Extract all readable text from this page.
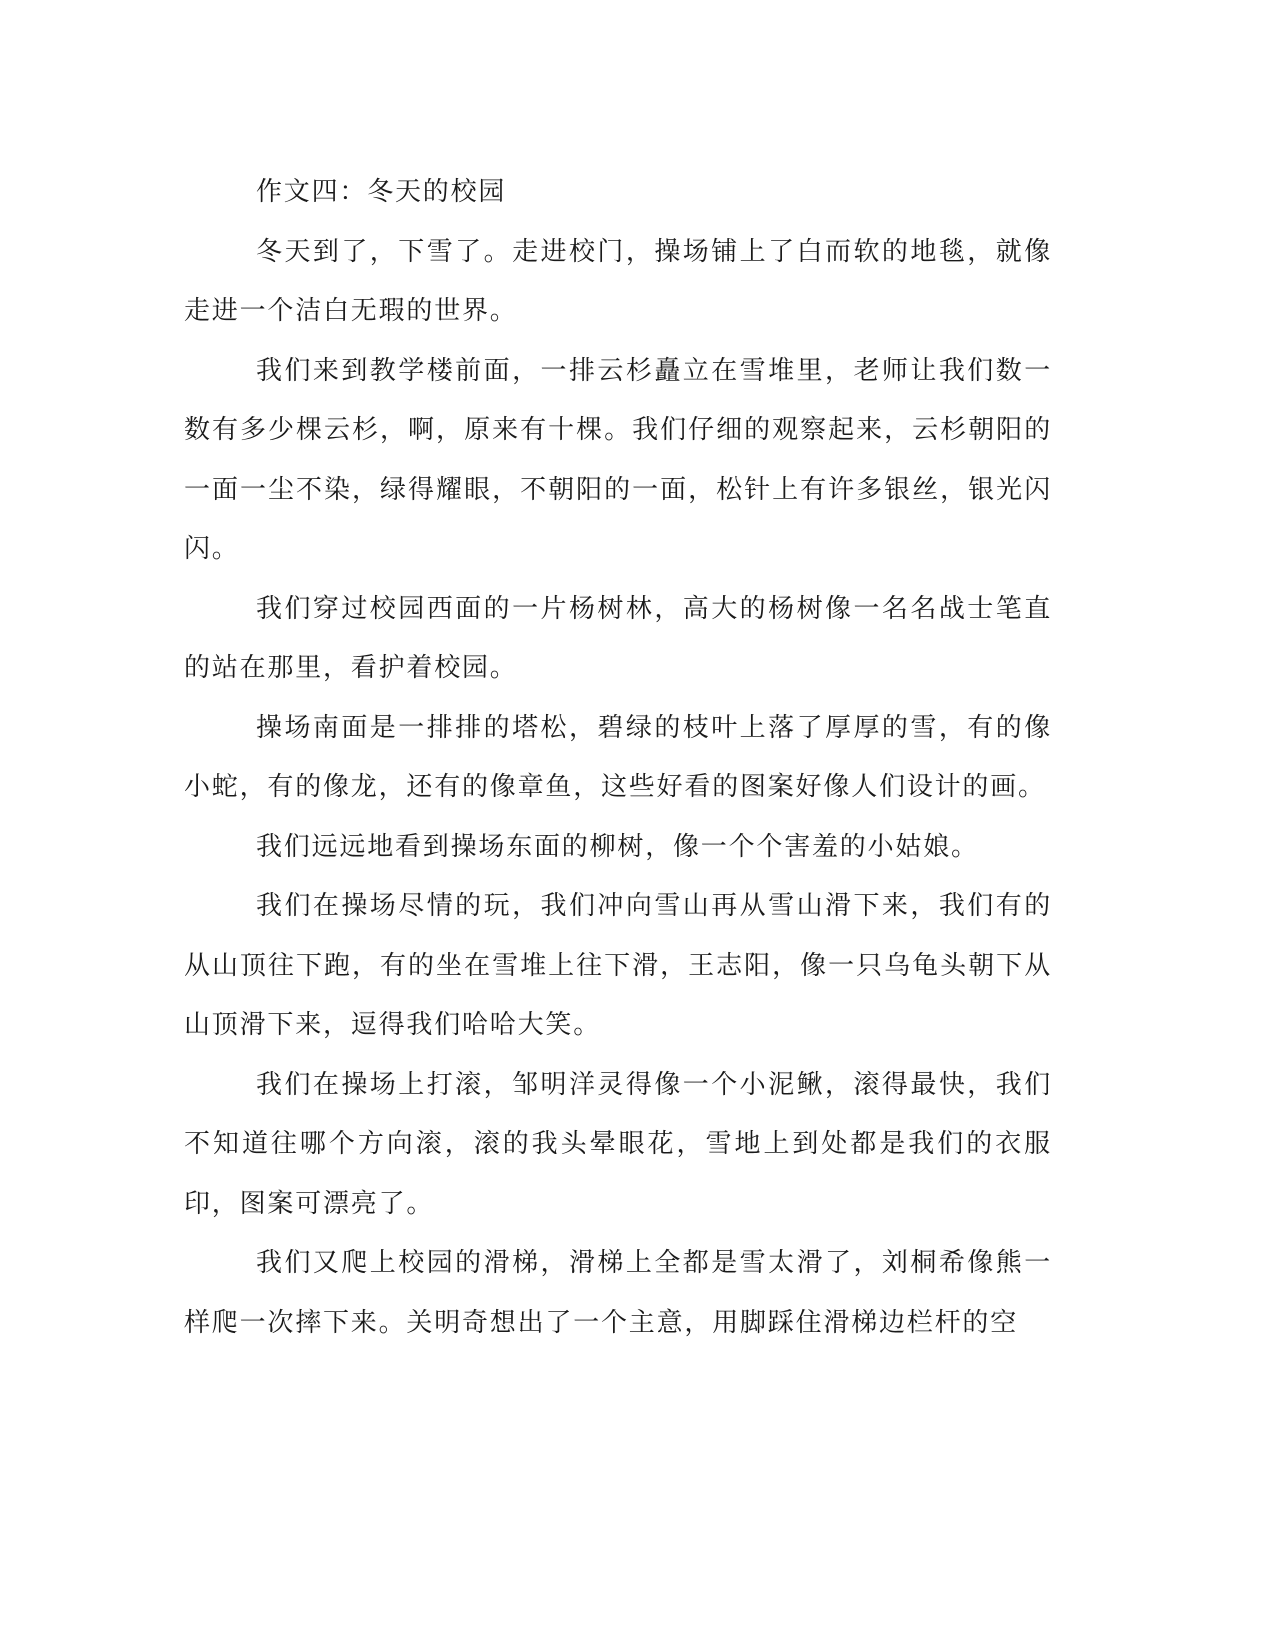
作文四：冬天的校园

冬天到了，下雪了。走进校门，操场铺上了白而软的地毯，就像走进一个洁白无瑕的世界。

我们来到教学楼前面，一排云杉矗立在雪堆里，老师让我们数一数有多少棵云杉，啊，原来有十棵。我们仔细的观察起来，云杉朝阳的一面一尘不染，绿得耀眼，不朝阳的一面，松针上有许多银丝，银光闪闪。

我们穿过校园西面的一片杨树林，高大的杨树像一名名战士笔直的站在那里，看护着校园。

操场南面是一排排的塔松，碧绿的枝叶上落了厚厚的雪，有的像小蛇，有的像龙，还有的像章鱼，这些好看的图案好像人们设计的画。

我们远远地看到操场东面的柳树，像一个个害羞的小姑娘。

我们在操场尽情的玩，我们冲向雪山再从雪山滑下来，我们有的从山顶往下跑，有的坐在雪堆上往下滑，王志阳，像一只乌龟头朝下从山顶滑下来，逗得我们哈哈大笑。

我们在操场上打滚，邹明洋灵得像一个小泥鳅，滚得最快，我们不知道往哪个方向滚，滚的我头晕眼花，雪地上到处都是我们的衣服印，图案可漂亮了。

我们又爬上校园的滑梯，滑梯上全都是雪太滑了，刘桐希像熊一样爬一次摔下来。关明奇想出了一个主意，用脚踩住滑梯边栏杆的空
